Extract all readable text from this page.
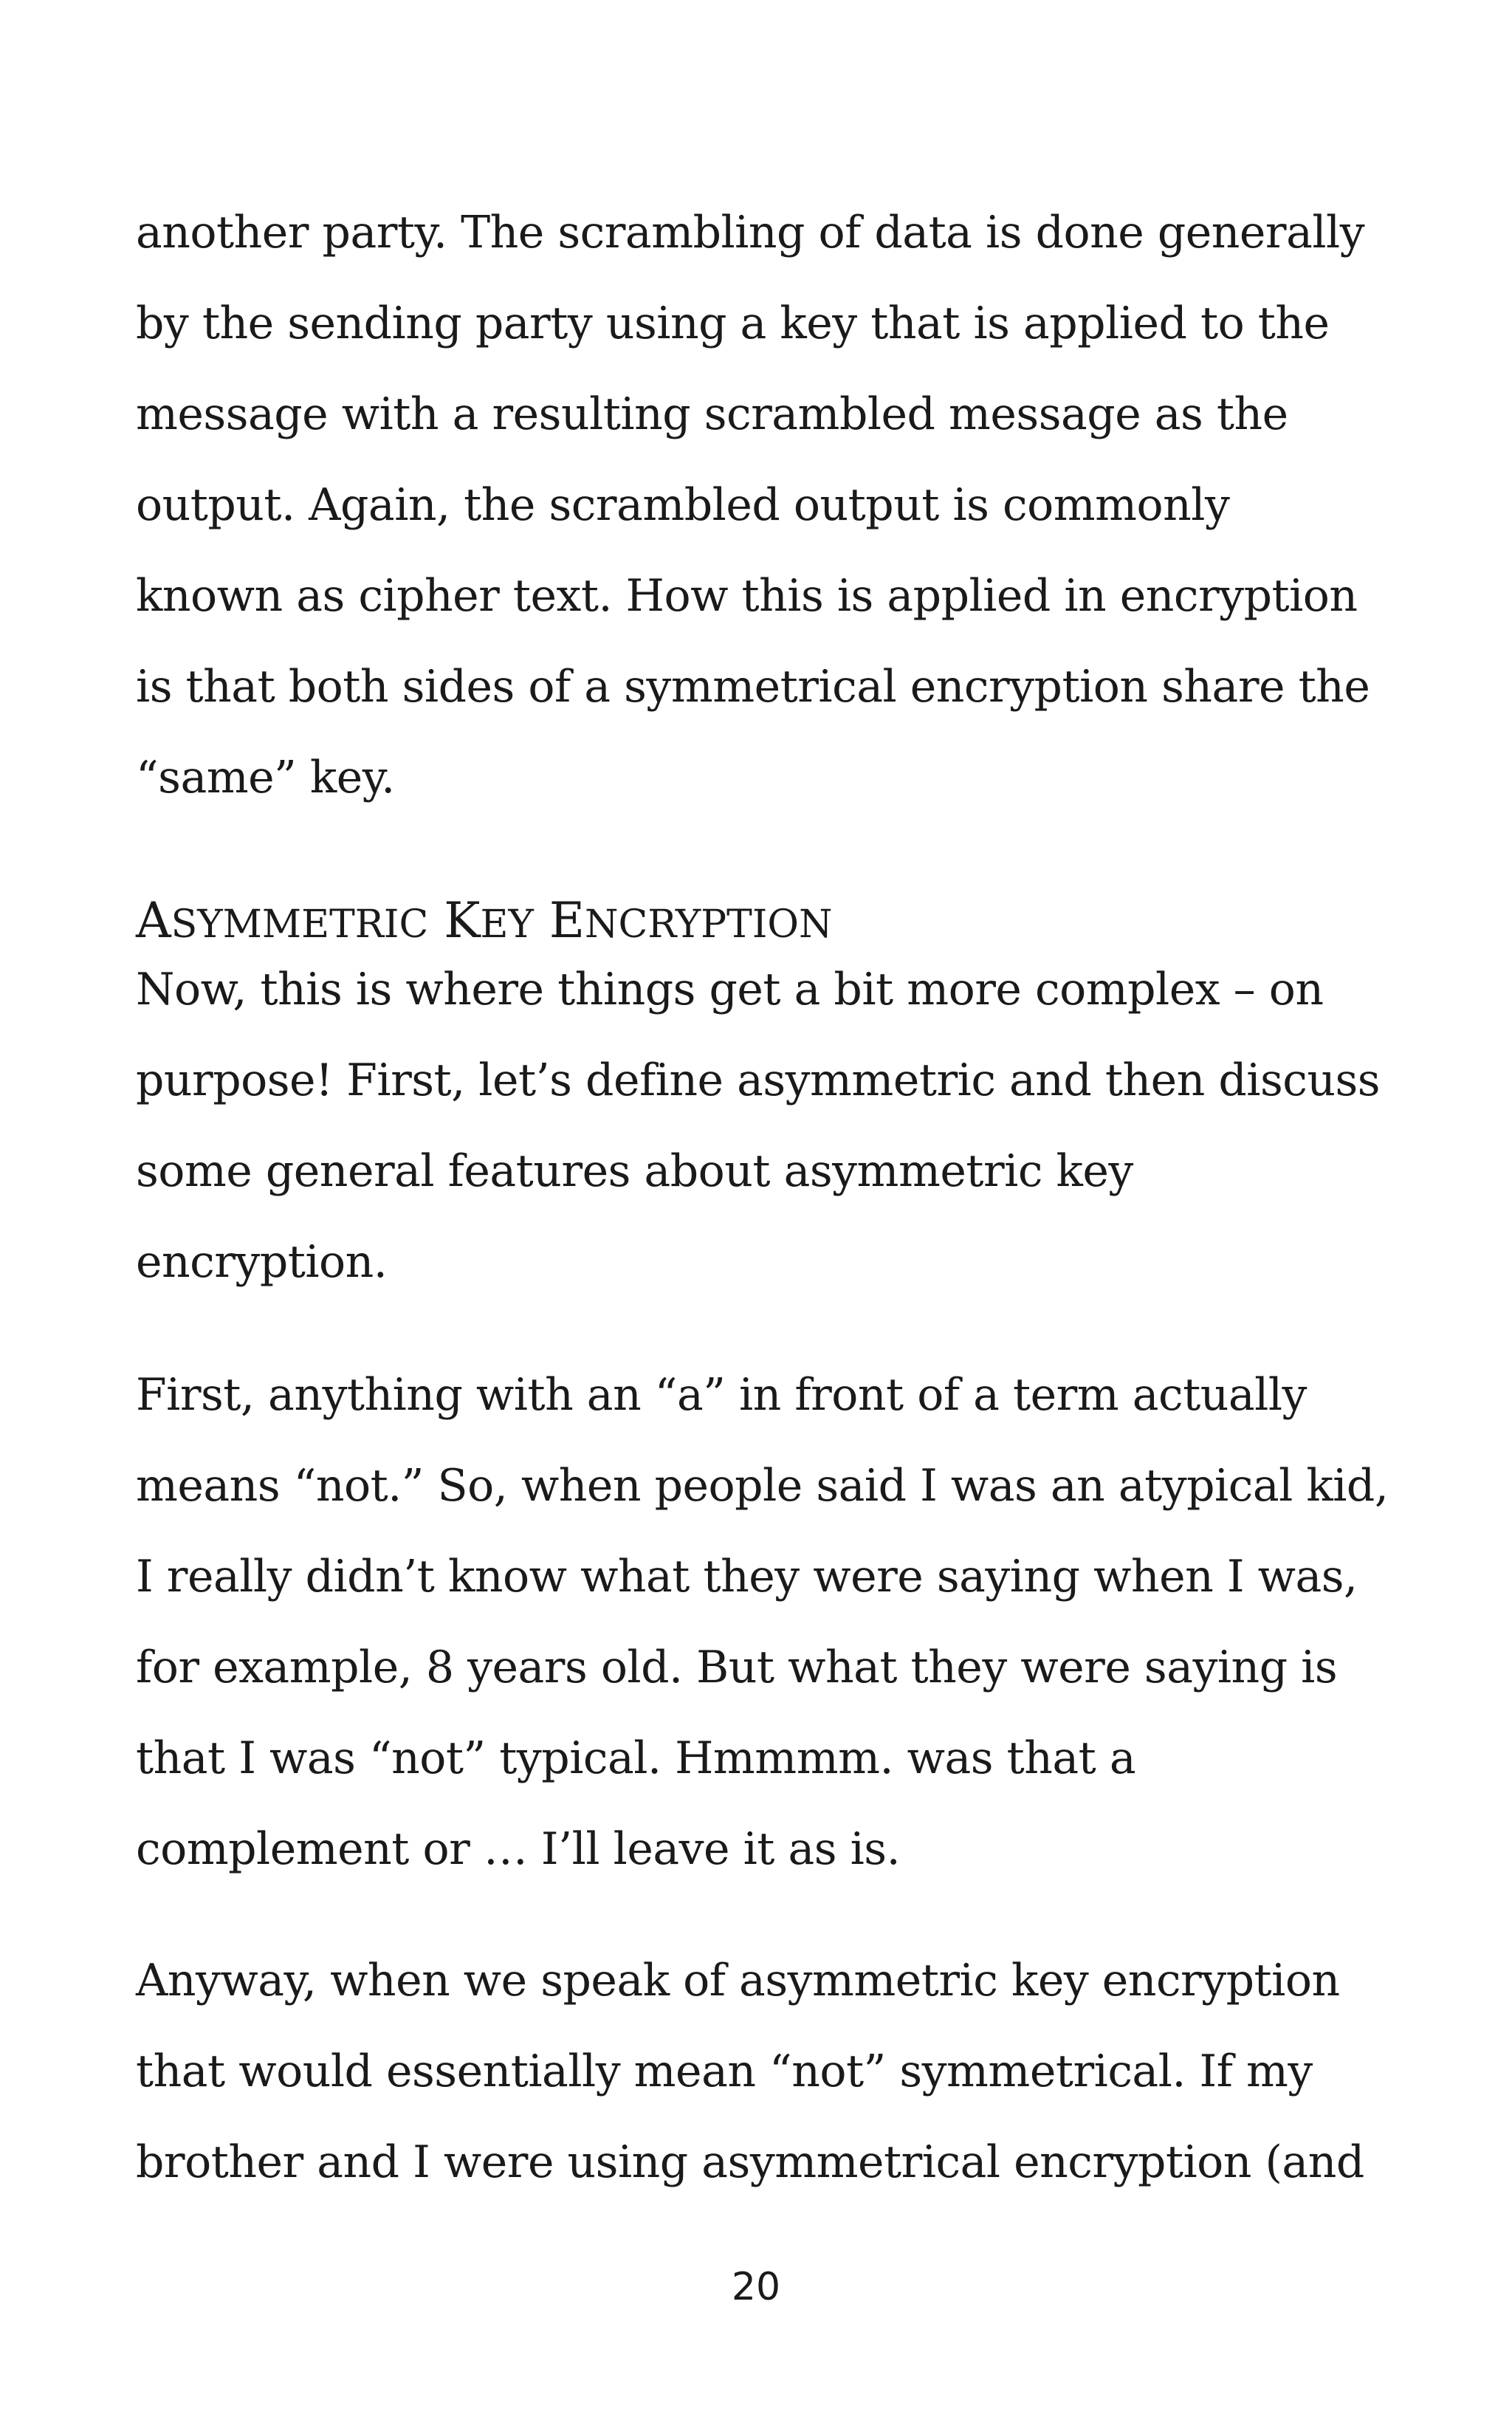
another party. The scrambling of data is done generally
by the sending party using a key that is applied to the
message with a resulting scrambled message as the
output. Again, the scrambled output is commonly
known as cipher text. How this is applied in encryption
is that both sides of a symmetrical encryption share the
“same” key.
ASYMMETRIC KEY ENCRYPTION
Now, this is where things get a bit more complex – on
purpose! First, let’s define asymmetric and then discuss
some general features about asymmetric key
encryption.
First, anything with an “a” in front of a term actually
means “not.” So, when people said I was an atypical kid,
I really didn’t know what they were saying when I was,
for example, 8 years old. But what they were saying is
that I was “not” typical. Hmmmm. was that a
complement or … I’ll leave it as is.
Anyway, when we speak of asymmetric key encryption
that would essentially mean “not” symmetrical. If my
brother and I were using asymmetrical encryption (and
20
